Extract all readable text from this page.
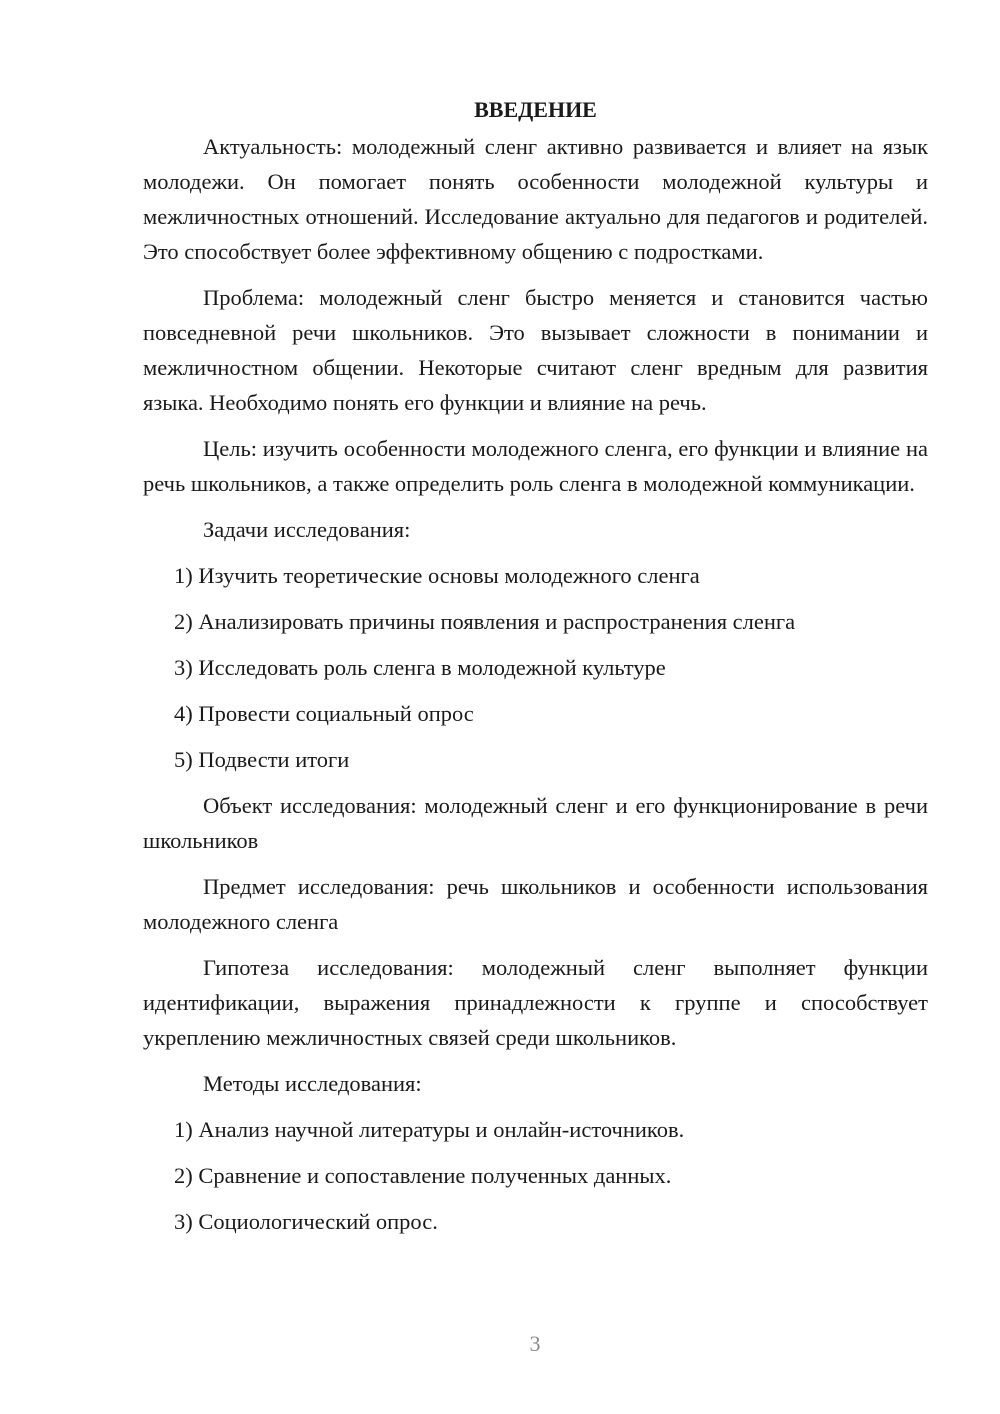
ВВЕДЕНИЕ

Актуальность: молодежный сленг активно развивается и влияет на язык молодежи. Он помогает понять особенности молодежной культуры и межличностных отношений. Исследование актуально для педагогов и родителей. Это способствует более эффективному общению с подростками.

Проблема: молодежный сленг быстро меняется и становится частью повседневной речи школьников. Это вызывает сложности в понимании и межличностном общении. Некоторые считают сленг вредным для развития языка. Необходимо понять его функции и влияние на речь.

Цель: изучить особенности молодежного сленга, его функции и влияние на речь школьников, а также определить роль сленга в молодежной коммуникации.

Задачи исследования:

1) Изучить теоретические основы молодежного сленга

2) Анализировать причины появления и распространения сленга

3) Исследовать роль сленга в молодежной культуре

4) Провести социальный опрос

5) Подвести итоги

Объект исследования: молодежный сленг и его функционирование в речи школьников

Предмет исследования: речь школьников и особенности использования молодежного сленга

Гипотеза исследования: молодежный сленг выполняет функции идентификации, выражения принадлежности к группе и способствует укреплению межличностных связей среди школьников.

Методы исследования:

1) Анализ научной литературы и онлайн-источников.

2) Сравнение и сопоставление полученных данных.

3) Социологический опрос.

3
